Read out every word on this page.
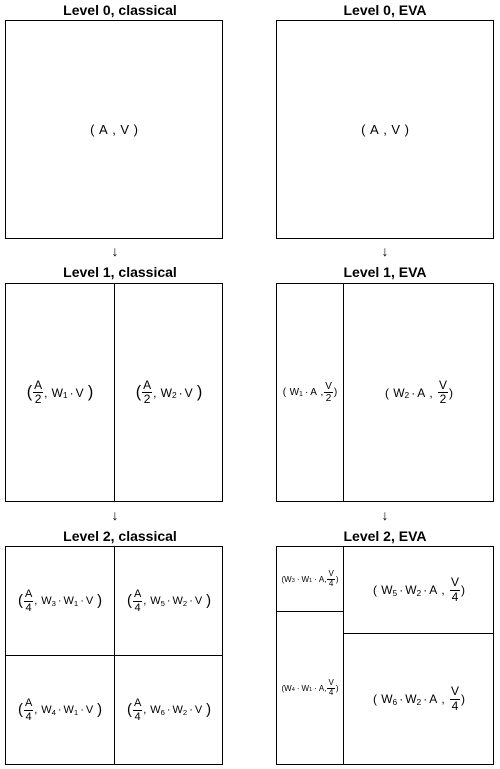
Level 0, classical	Level 0, EVA
Level 1, classical	Level 1, EVA
Level 2, classical	Level 2, EVA
↓	↓
↓	↓
( A , V )	( A , V )
( $\frac{A}{2}$ , W 1 · V )	( $\frac{A}{2}$ , W 2 · V )	( W 1 · A , $\frac{V}{2}$ )	( W 2 · A , $\frac{V}{2}$ )
( $\frac{A}{4}$ , W 3 · W 1 · V ) ( $\frac{A}{4}$ , W 5 · W 2 · V )
( $\frac{A}{4}$ , W 4 · W 1 · V ) ( $\frac{A}{4}$ , W 6 · W 2 · V )
( W 3 · W 1 · A , $\frac{V}{4}$ )
( W 4 · W 1 · A , $\frac{V}{4}$ )
( W 5 · W 2 · A , $\frac{V}{4}$ )
( W 6 · W 2 · A , $\frac{V}{4}$ )
